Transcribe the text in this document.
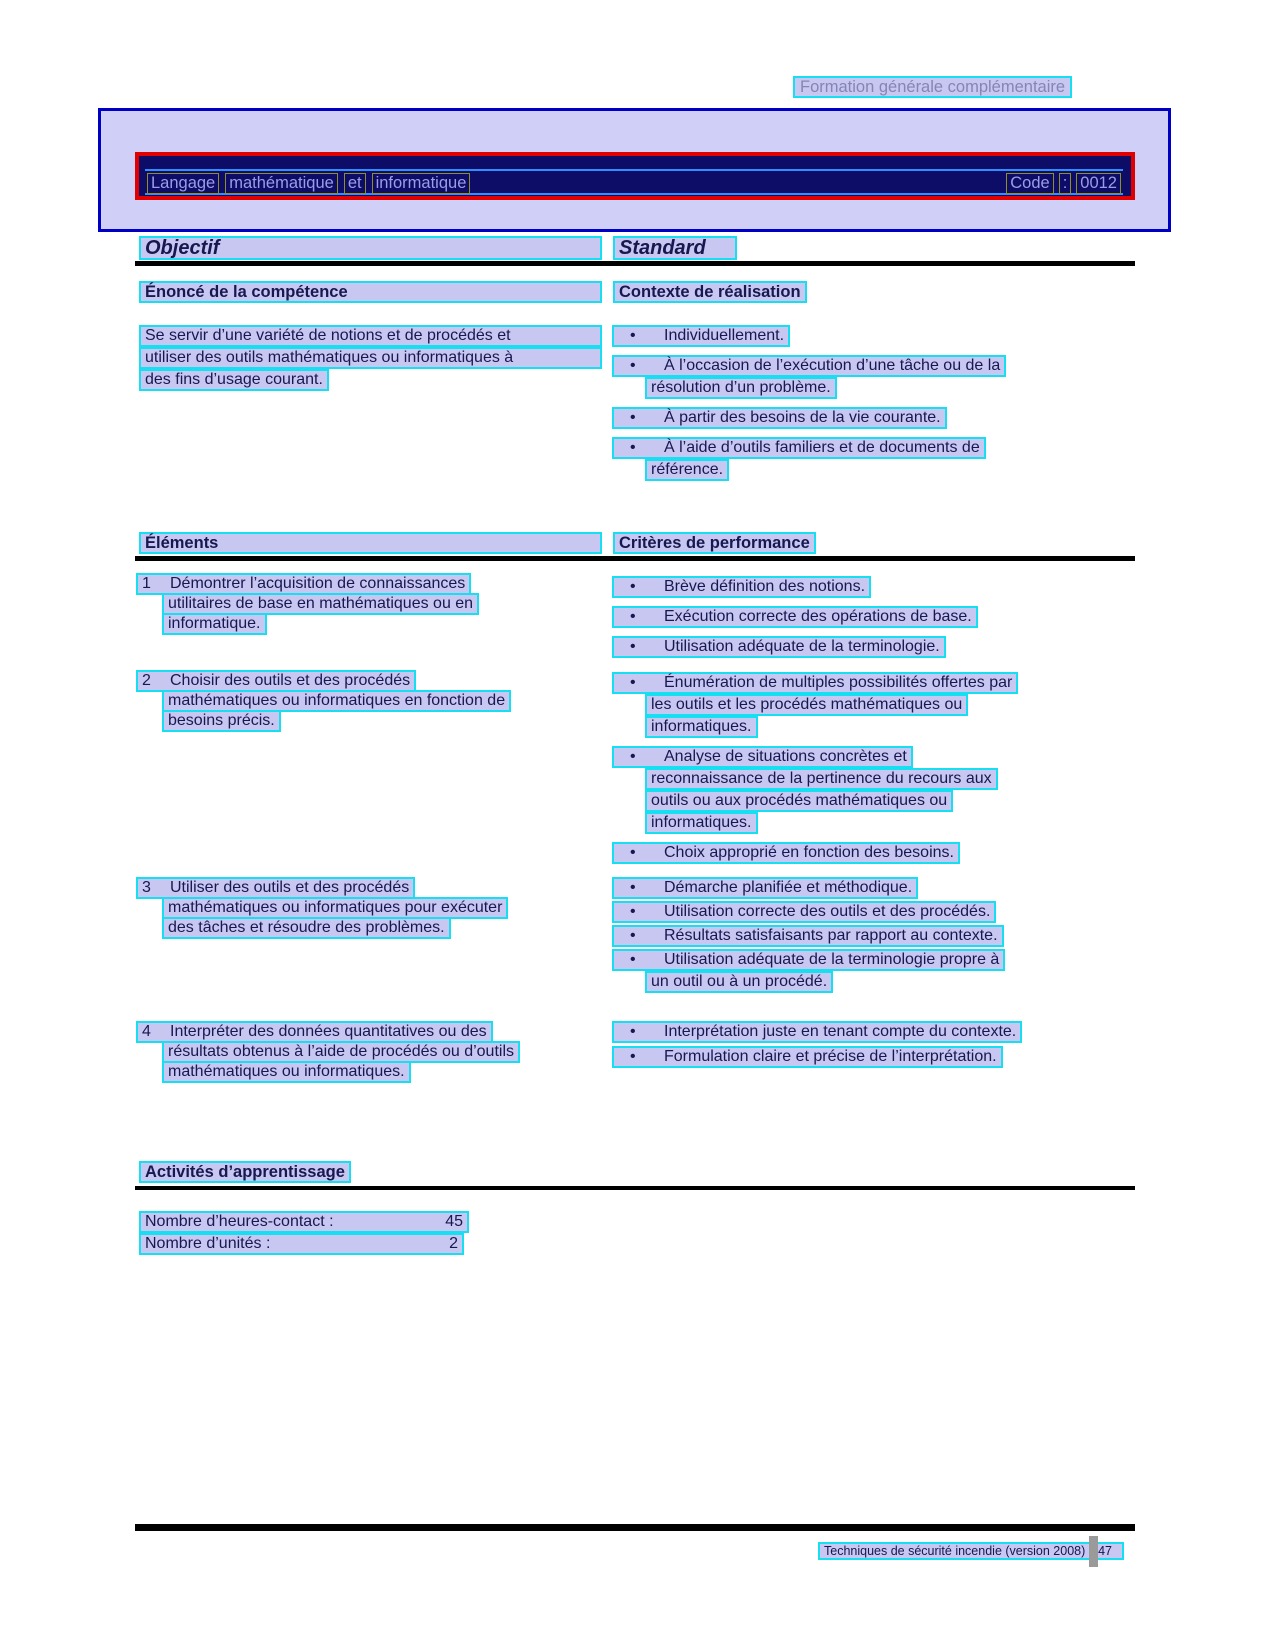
Formation générale complémentaire
Langage mathématique et informatique	Code : 0012
Objectif	Standard
Énoncé de la compétence	Contexte de réalisation
Se servir d’une variété de notions et de procédés et
utiliser des outils mathématiques ou informatiques à
des fins d’usage courant.
• Individuellement.
• À l’occasion de l’exécution d’une tâche ou de la
résolution d’un problème.
• À partir des besoins de la vie courante.
• À l’aide d’outils familiers et de documents de
référence.
Éléments	Critères de performance
1 Démontrer l’acquisition de connaissances
utilitaires de base en mathématiques ou en
informatique.
• Brève définition des notions.
• Exécution correcte des opérations de base.
• Utilisation adéquate de la terminologie.
2 Choisir des outils et des procédés
mathématiques ou informatiques en fonction de
besoins précis.
• Énumération de multiples possibilités offertes par
les outils et les procédés mathématiques ou
informatiques.
• Analyse de situations concrètes et
reconnaissance de la pertinence du recours aux
outils ou aux procédés mathématiques ou
informatiques.
• Choix approprié en fonction des besoins.
3 Utiliser des outils et des procédés
mathématiques ou informatiques pour exécuter
des tâches et résoudre des problèmes.
• Démarche planifiée et méthodique.
• Utilisation correcte des outils et des procédés.
• Résultats satisfaisants par rapport au contexte.
• Utilisation adéquate de la terminologie propre à
un outil ou à un procédé.
4 Interpréter des données quantitatives ou des
résultats obtenus à l’aide de procédés ou d’outils
mathématiques ou informatiques.
• Interprétation juste en tenant compte du contexte.
• Formulation claire et précise de l’interprétation.
Activités d’apprentissage
Nombre d’heures-contact :	45
Nombre d’unités :	2
Techniques de sécurité incendie (version 2008) 47
